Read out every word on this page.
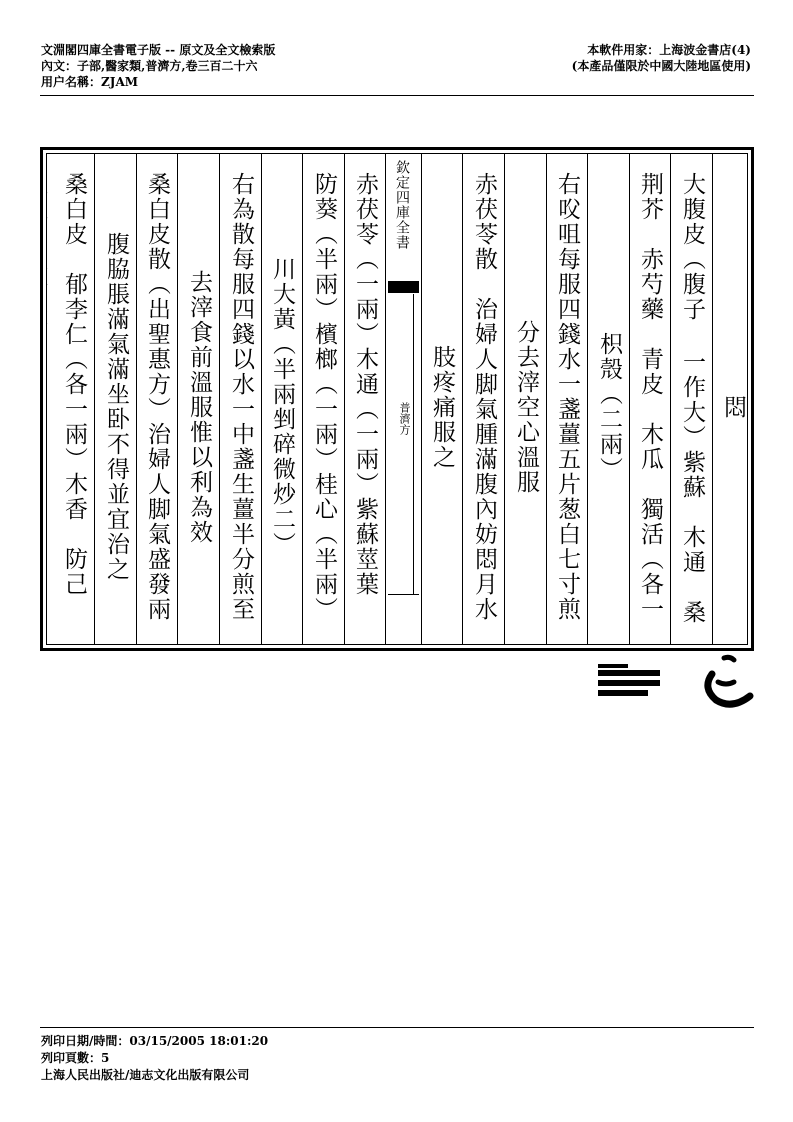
文淵閣四庫全書電子版 -- 原文及全文檢索版
內文：子部,醫家類,普濟方,卷三百二十六
用户名稱：ZJAM
本軟件用家：上海波金書店(4)
(本產品僅限於中國大陸地區使用)
悶
大腹皮（腹子 一作大）紫蘇　木通　桑　
荆芥　赤芍藥　青皮　木瓜　獨活（各一
枳殼（二兩）
右㕮咀每服四錢水一盞薑五片葱白七寸煎
分去滓空心溫服
赤茯苓散　治婦人脚氣腫滿腹內妨悶月水
肢疼痛服之
欽定四庫全書
普濟方
赤茯苓（一兩）木通（一兩）紫蘇莖葉
防葵（半兩）檳榔（一兩）桂心（半兩）
川大黃（半兩剉碎微炒二）
右為散每服四錢以水一中盞生薑半分煎至
去滓食前溫服惟以利為效
桑白皮散（出聖惠方）治婦人脚氣盛發兩
腹脇脹滿氣滿坐卧不得並宜治之
桑白皮　郁李仁（各一兩）木香　防己　
列印日期/時間：03/15/2005 18:01:20
列印頁數：5
上海人民出版社/迪志文化出版有限公司
